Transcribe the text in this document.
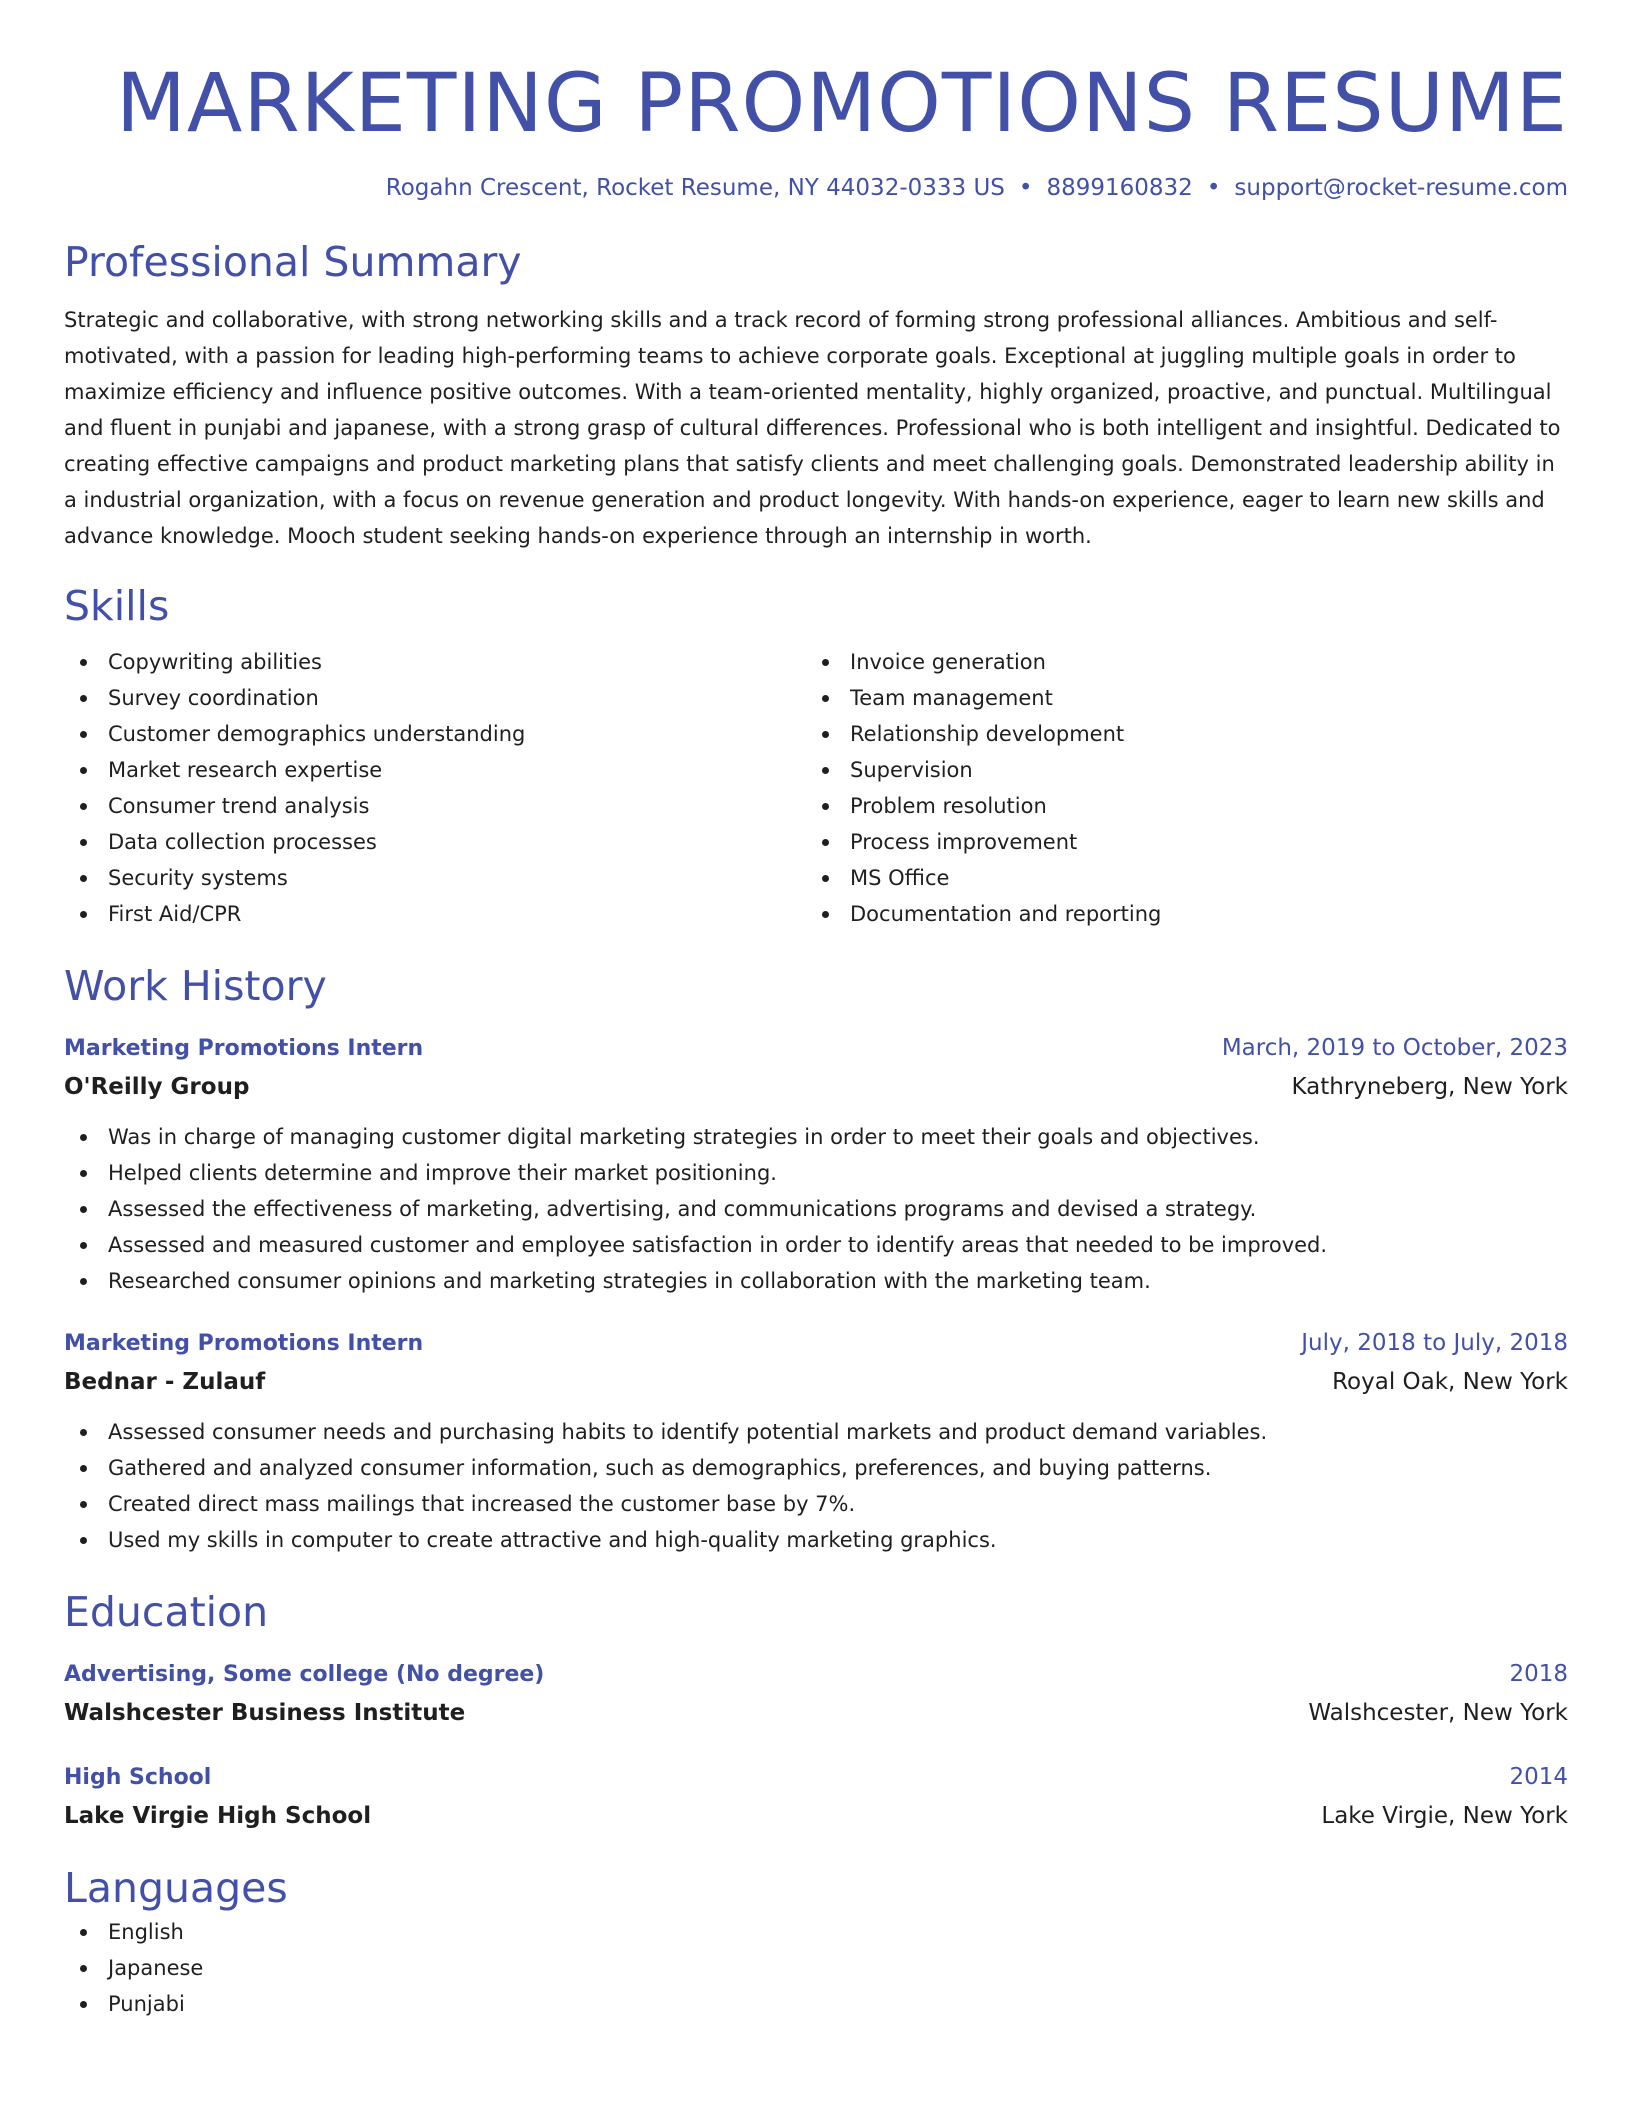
MARKETING PROMOTIONS RESUME
Rogahn Crescent, Rocket Resume, NY 44032-0333 US • 8899160832 • support@rocket-resume.com
Professional Summary

Strategic and collaborative, with strong networking skills and a track record of forming strong professional alliances. Ambitious and self-motivated, with a passion for leading high-performing teams to achieve corporate goals. Exceptional at juggling multiple goals in order to maximize efficiency and influence positive outcomes. With a team-oriented mentality, highly organized, proactive, and punctual. Multilingual and fluent in punjabi and japanese, with a strong grasp of cultural differences. Professional who is both intelligent and insightful. Dedicated to creating effective campaigns and product marketing plans that satisfy clients and meet challenging goals. Demonstrated leadership ability in a industrial organization, with a focus on revenue generation and product longevity. With hands-on experience, eager to learn new skills and advance knowledge. Mooch student seeking hands-on experience through an internship in worth.

Skills
Copywriting abilities
Survey coordination
Customer demographics understanding
Market research expertise
Consumer trend analysis
Data collection processes
Security systems
First Aid/CPR
Invoice generation
Team management
Relationship development
Supervision
Problem resolution
Process improvement
MS Office
Documentation and reporting
Work History
Marketing Promotions Intern	March, 2019 to October, 2023
O'Reilly Group	Kathryneberg, New York
Was in charge of managing customer digital marketing strategies in order to meet their goals and objectives.
Helped clients determine and improve their market positioning.
Assessed the effectiveness of marketing, advertising, and communications programs and devised a strategy.
Assessed and measured customer and employee satisfaction in order to identify areas that needed to be improved.
Researched consumer opinions and marketing strategies in collaboration with the marketing team.
Marketing Promotions Intern	July, 2018 to July, 2018
Bednar - Zulauf	Royal Oak, New York
Assessed consumer needs and purchasing habits to identify potential markets and product demand variables.
Gathered and analyzed consumer information, such as demographics, preferences, and buying patterns.
Created direct mass mailings that increased the customer base by 7%.
Used my skills in computer to create attractive and high-quality marketing graphics.
Education
Advertising, Some college (No degree)	2018
Walshcester Business Institute	Walshcester, New York
High School	2014
Lake Virgie High School	Lake Virgie, New York
Languages
English
Japanese
Punjabi
